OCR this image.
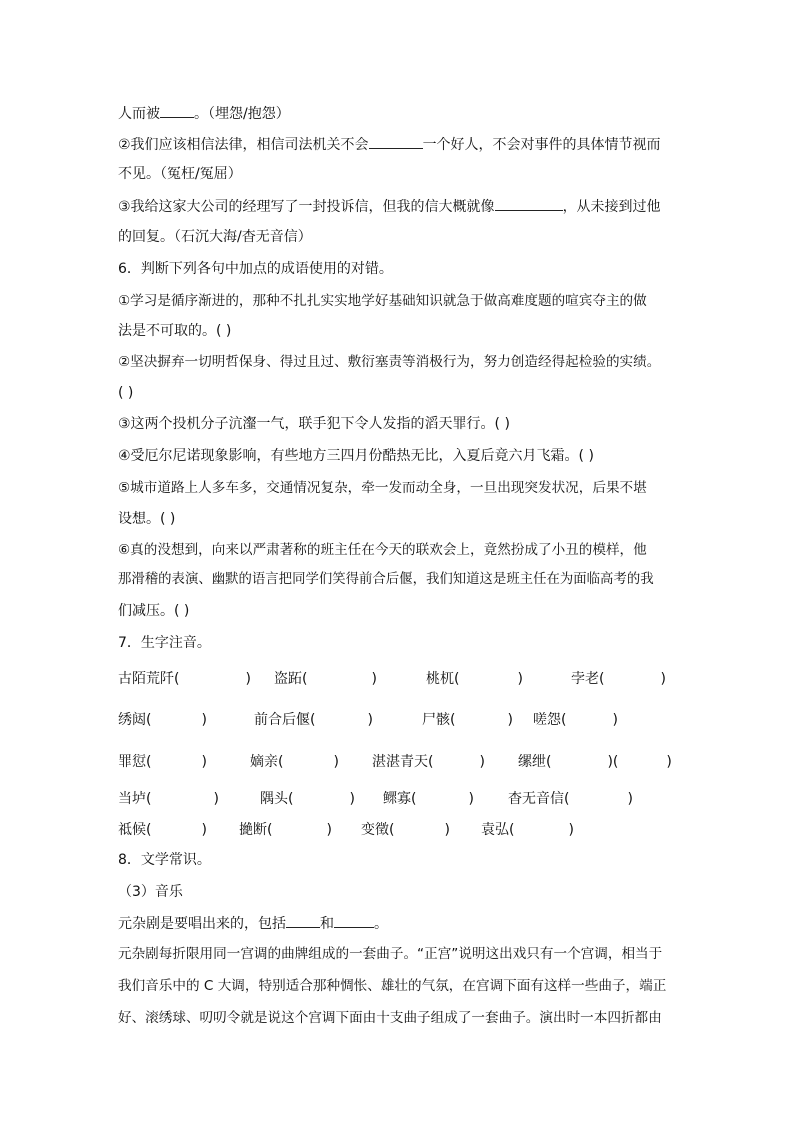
人而被 。（埋怨/抱怨）
②我们应该相信法律，相信司法机关不会	一个好人，不会对事件的具体情节视而
不见。（冤枉/冤屈）
③我给这家大公司的经理写了一封投诉信，但我的信大概就像	，从未接到过他
的回复。（石沉大海/杳无音信）
6．判断下列各句中加点的成语使用的对错。
①学习是循序渐进的，那种不扎扎实实地学好基础知识就急于做高难度题的喧宾夺主的做
法是不可取的。( )
②坚决摒弃一切明哲保身、得过且过、敷衍塞责等消极行为，努力创造经得起检验的实绩。
( )
③这两个投机分子沆瀣一气，联手犯下令人发指的滔天罪行。( )
④受厄尔尼诺现象影响，有些地方三四月份酷热无比，入夏后竟六月飞霜。( )
⑤城市道路上人多车多，交通情况复杂，牵一发而动全身，一旦出现突发状况，后果不堪
设想。( )
⑥真的没想到，向来以严肃著称的班主任在今天的联欢会上，竟然扮成了小丑的模样，他
那滑稽的表演、幽默的语言把同学们笑得前合后偃，我们知道这是班主任在为面临高考的我
们减压。( )
7．生字注音。
古陌荒阡(	) 盗跖(	)	桃杌(	)	孛老(	)
绣闼(	)	前合后偃(	)	尸骸(	) 嗟怨(	)
罪愆(	)	嫡亲(	) 湛湛青天(	) 缧绁(	)(	)
当垆(	)	隅头(	) 鳏寡(	) 杳无音信(	)
祗候(	) 撧断(	) 变徵(	) 袁弘(	)
8．文学常识。
（3）音乐
元杂剧是要唱出来的，包括 和	。
元杂剧每折限用同一宫调的曲牌组成的一套曲子。“正宫”说明这出戏只有一个宫调，相当于
我们音乐中的 C 大调，特别适合那种惆怅、雄壮的气氛，在宫调下面有这样一些曲子，端正
好、滚绣球、叨叨令就是说这个宫调下面由十支曲子组成了一套曲子。演出时一本四折都由
